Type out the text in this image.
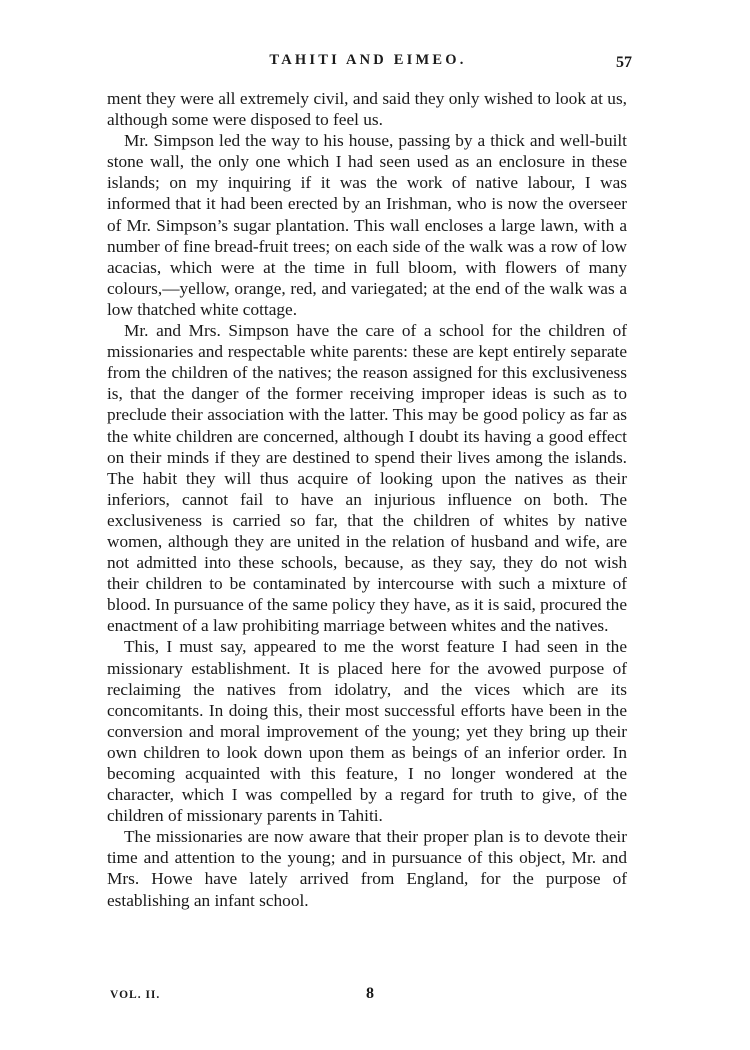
TAHITI AND EIMEO.	57

ment they were all extremely civil, and said they only wished to look at us, although some were disposed to feel us.

Mr. Simpson led the way to his house, passing by a thick and well-built stone wall, the only one which I had seen used as an enclosure in these islands; on my inquiring if it was the work of native labour, I was informed that it had been erected by an Irishman, who is now the overseer of Mr. Simpson’s sugar plantation. This wall encloses a large lawn, with a number of fine bread-fruit trees; on each side of the walk was a row of low acacias, which were at the time in full bloom, with flowers of many colours,—yellow, orange, red, and variegated; at the end of the walk was a low thatched white cottage.

Mr. and Mrs. Simpson have the care of a school for the children of missionaries and respectable white parents: these are kept entirely separate from the children of the natives; the reason assigned for this exclusiveness is, that the danger of the former receiving improper ideas is such as to preclude their association with the latter. This may be good policy as far as the white children are concerned, although I doubt its having a good effect on their minds if they are destined to spend their lives among the islands. The habit they will thus acquire of looking upon the natives as their inferiors, cannot fail to have an injurious influence on both. The exclusiveness is carried so far, that the children of whites by native women, although they are united in the relation of husband and wife, are not admitted into these schools, because, as they say, they do not wish their children to be contaminated by intercourse with such a mixture of blood. In pursuance of the same policy they have, as it is said, procured the enactment of a law prohibiting marriage between whites and the natives.

This, I must say, appeared to me the worst feature I had seen in the missionary establishment. It is placed here for the avowed purpose of reclaiming the natives from idolatry, and the vices which are its concomitants. In doing this, their most successful efforts have been in the conversion and moral improvement of the young; yet they bring up their own children to look down upon them as beings of an inferior order. In becoming acquainted with this feature, I no longer wondered at the character, which I was compelled by a regard for truth to give, of the children of missionary parents in Tahiti.

The missionaries are now aware that their proper plan is to devote their time and attention to the young; and in pursuance of this object, Mr. and Mrs. Howe have lately arrived from England, for the purpose of establishing an infant school.

VOL. II.	8
